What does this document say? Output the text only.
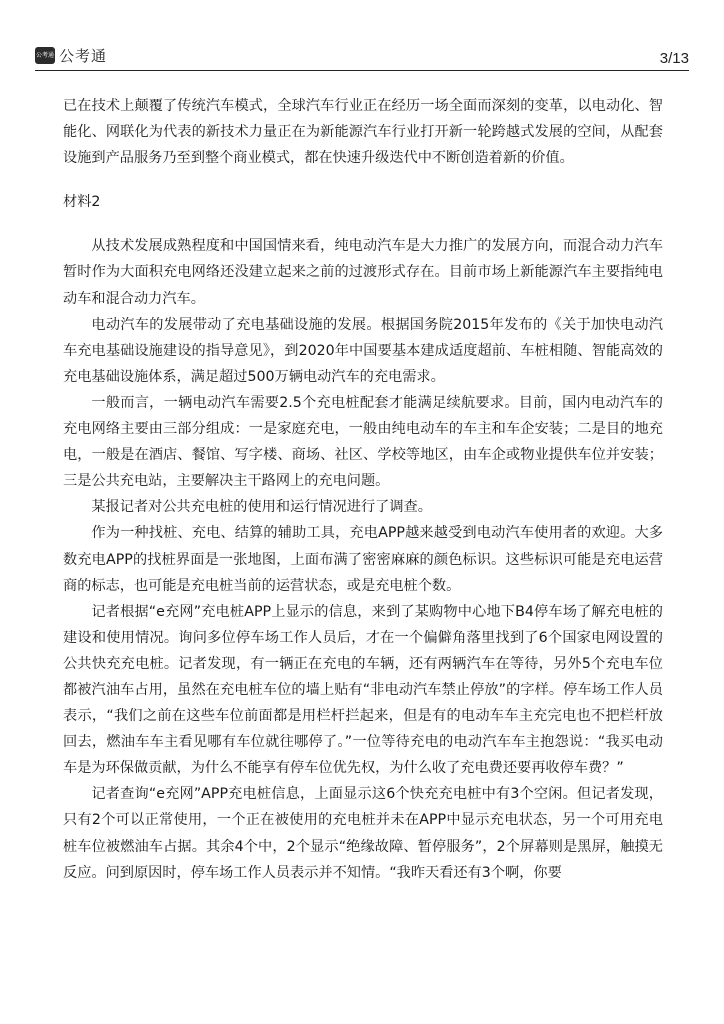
公考通 公考通	3/13

已在技术上颠覆了传统汽车模式，全球汽车行业正在经历一场全面而深刻的变革，以电动化、智能化、网联化为代表的新技术力量正在为新能源汽车行业打开新一轮跨越式发展的空间，从配套设施到产品服务乃至到整个商业模式，都在快速升级迭代中不断创造着新的价值。

材料2

从技术发展成熟程度和中国国情来看，纯电动汽车是大力推广的发展方向，而混合动力汽车暂时作为大面积充电网络还没建立起来之前的过渡形式存在。目前市场上新能源汽车主要指纯电动车和混合动力汽车。

电动汽车的发展带动了充电基础设施的发展。根据国务院2015年发布的《关于加快电动汽车充电基础设施建设的指导意见》，到2020年中国要基本建成适度超前、车桩相随、智能高效的充电基础设施体系，满足超过500万辆电动汽车的充电需求。

一般而言，一辆电动汽车需要2.5个充电桩配套才能满足续航要求。目前，国内电动汽车的充电网络主要由三部分组成：一是家庭充电，一般由纯电动车的车主和车企安装；二是目的地充电，一般是在酒店、餐馆、写字楼、商场、社区、学校等地区，由车企或物业提供车位并安装；三是公共充电站，主要解决主干路网上的充电问题。

某报记者对公共充电桩的使用和运行情况进行了调查。

作为一种找桩、充电、结算的辅助工具，充电APP越来越受到电动汽车使用者的欢迎。大多数充电APP的找桩界面是一张地图，上面布满了密密麻麻的颜色标识。这些标识可能是充电运营商的标志，也可能是充电桩当前的运营状态，或是充电桩个数。

记者根据“e充网”充电桩APP上显示的信息，来到了某购物中心地下B4停车场了解充电桩的建设和使用情况。询问多位停车场工作人员后，才在一个偏僻角落里找到了6个国家电网设置的公共快充充电桩。记者发现，有一辆正在充电的车辆，还有两辆汽车在等待，另外5个充电车位都被汽油车占用，虽然在充电桩车位的墙上贴有“非电动汽车禁止停放”的字样。停车场工作人员表示，“我们之前在这些车位前面都是用栏杆拦起来，但是有的电动车车主充完电也不把栏杆放回去，燃油车车主看见哪有车位就往哪停了。”一位等待充电的电动汽车车主抱怨说：“我买电动车是为环保做贡献，为什么不能享有停车位优先权，为什么收了充电费还要再收停车费？”

记者查询“e充网”APP充电桩信息，上面显示这6个快充充电桩中有3个空闲。但记者发现，只有2个可以正常使用，一个正在被使用的充电桩并未在APP中显示充电状态，另一个可用充电桩车位被燃油车占据。其余4个中，2个显示“绝缘故障、暂停服务”，2个屏幕则是黑屏，触摸无反应。问到原因时，停车场工作人员表示并不知情。“我昨天看还有3个啊，你要
